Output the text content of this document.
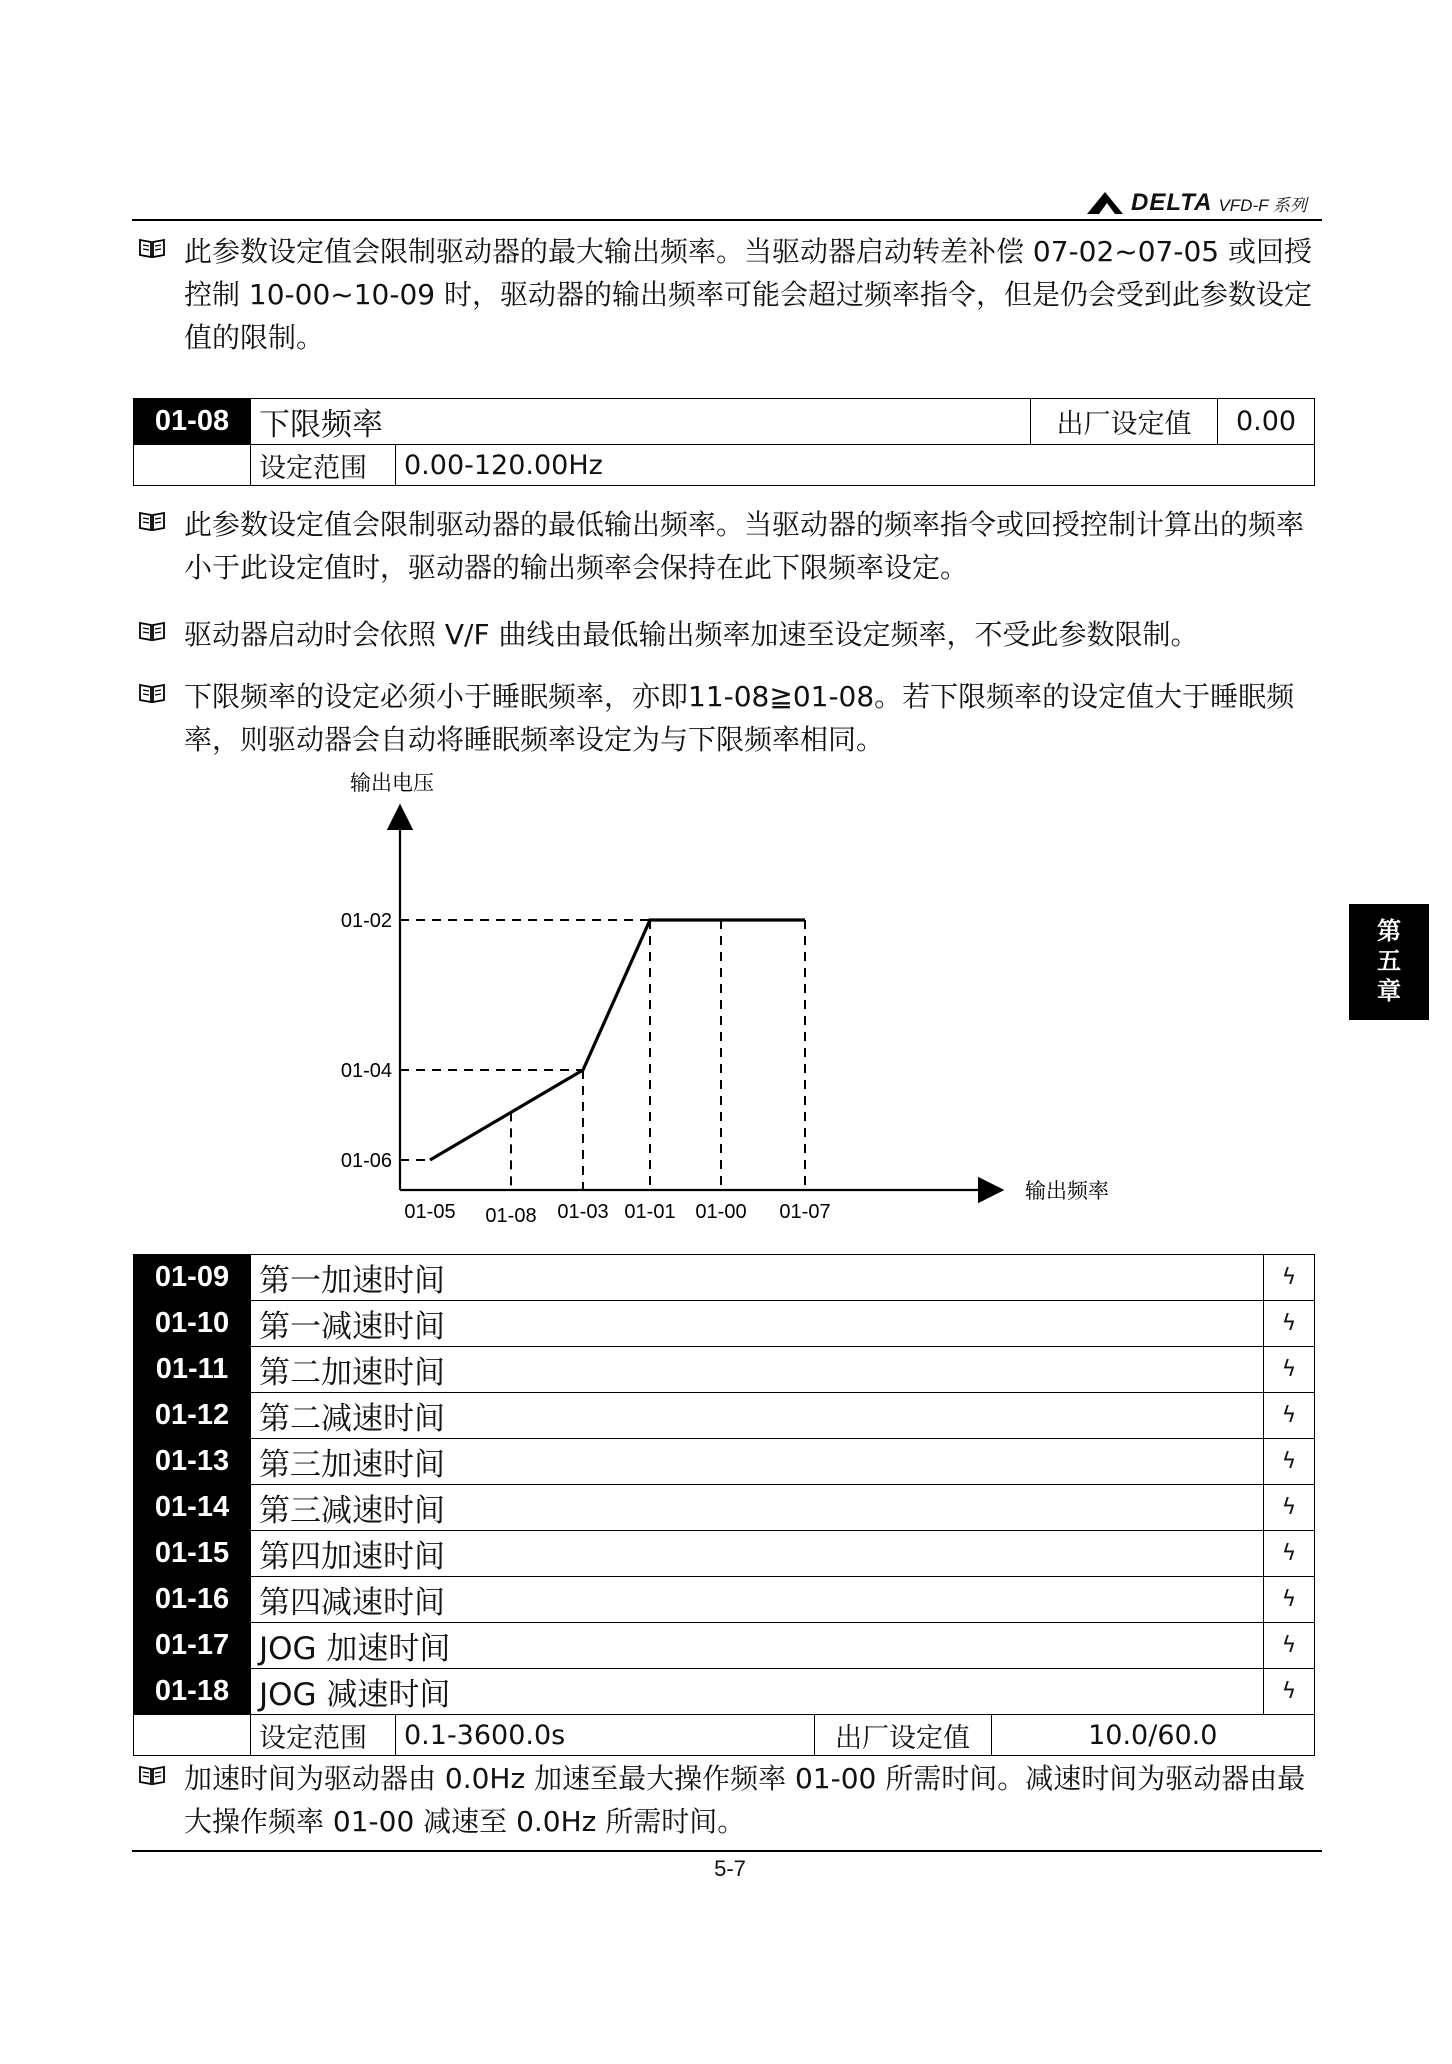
DELTA VFD-F 系列
此参数设定值会限制驱动器的最大输出频率。当驱动器启动转差补偿 07-02~07-05 或回授控制 10-00~10-09 时，驱动器的输出频率可能会超过频率指令，但是仍会受到此参数设定值的限制。
01-08	下限频率		出厂设定值	0.00
	设定范围	0.00-120.00Hz		
此参数设定值会限制驱动器的最低输出频率。当驱动器的频率指令或回授控制计算出的频率小于此设定值时，驱动器的输出频率会保持在此下限频率设定。
驱动器启动时会依照 V/F 曲线由最低输出频率加速至设定频率，不受此参数限制。
下限频率的设定必须小于睡眠频率，亦即11-08≧01-08。若下限频率的设定值大于睡眠频率，则驱动器会自动将睡眠频率设定为与下限频率相同。
输出电压
输出频率
01-05 01-08 01-03 01-01 01-00 01-07
01-06
01-04
01-02	第
五
章
01-09	第一加速时间				ϟ
01-10	第一减速时间				ϟ
01-11	第二加速时间				ϟ
01-12	第二减速时间				ϟ
01-13	第三加速时间				ϟ
01-14	第三减速时间				ϟ
01-15	第四加速时间				ϟ
01-16	第四减速时间				ϟ
01-17	JOG 加速时间				ϟ
01-18	JOG 减速时间				ϟ
	设定范围	0.1-3600.0s	出厂设定值	10.0/60.0	
加速时间为驱动器由 0.0Hz 加速至最大操作频率 01-00 所需时间。减速时间为驱动器由最大操作频率 01-00 减速至 0.0Hz 所需时间。
5-7
